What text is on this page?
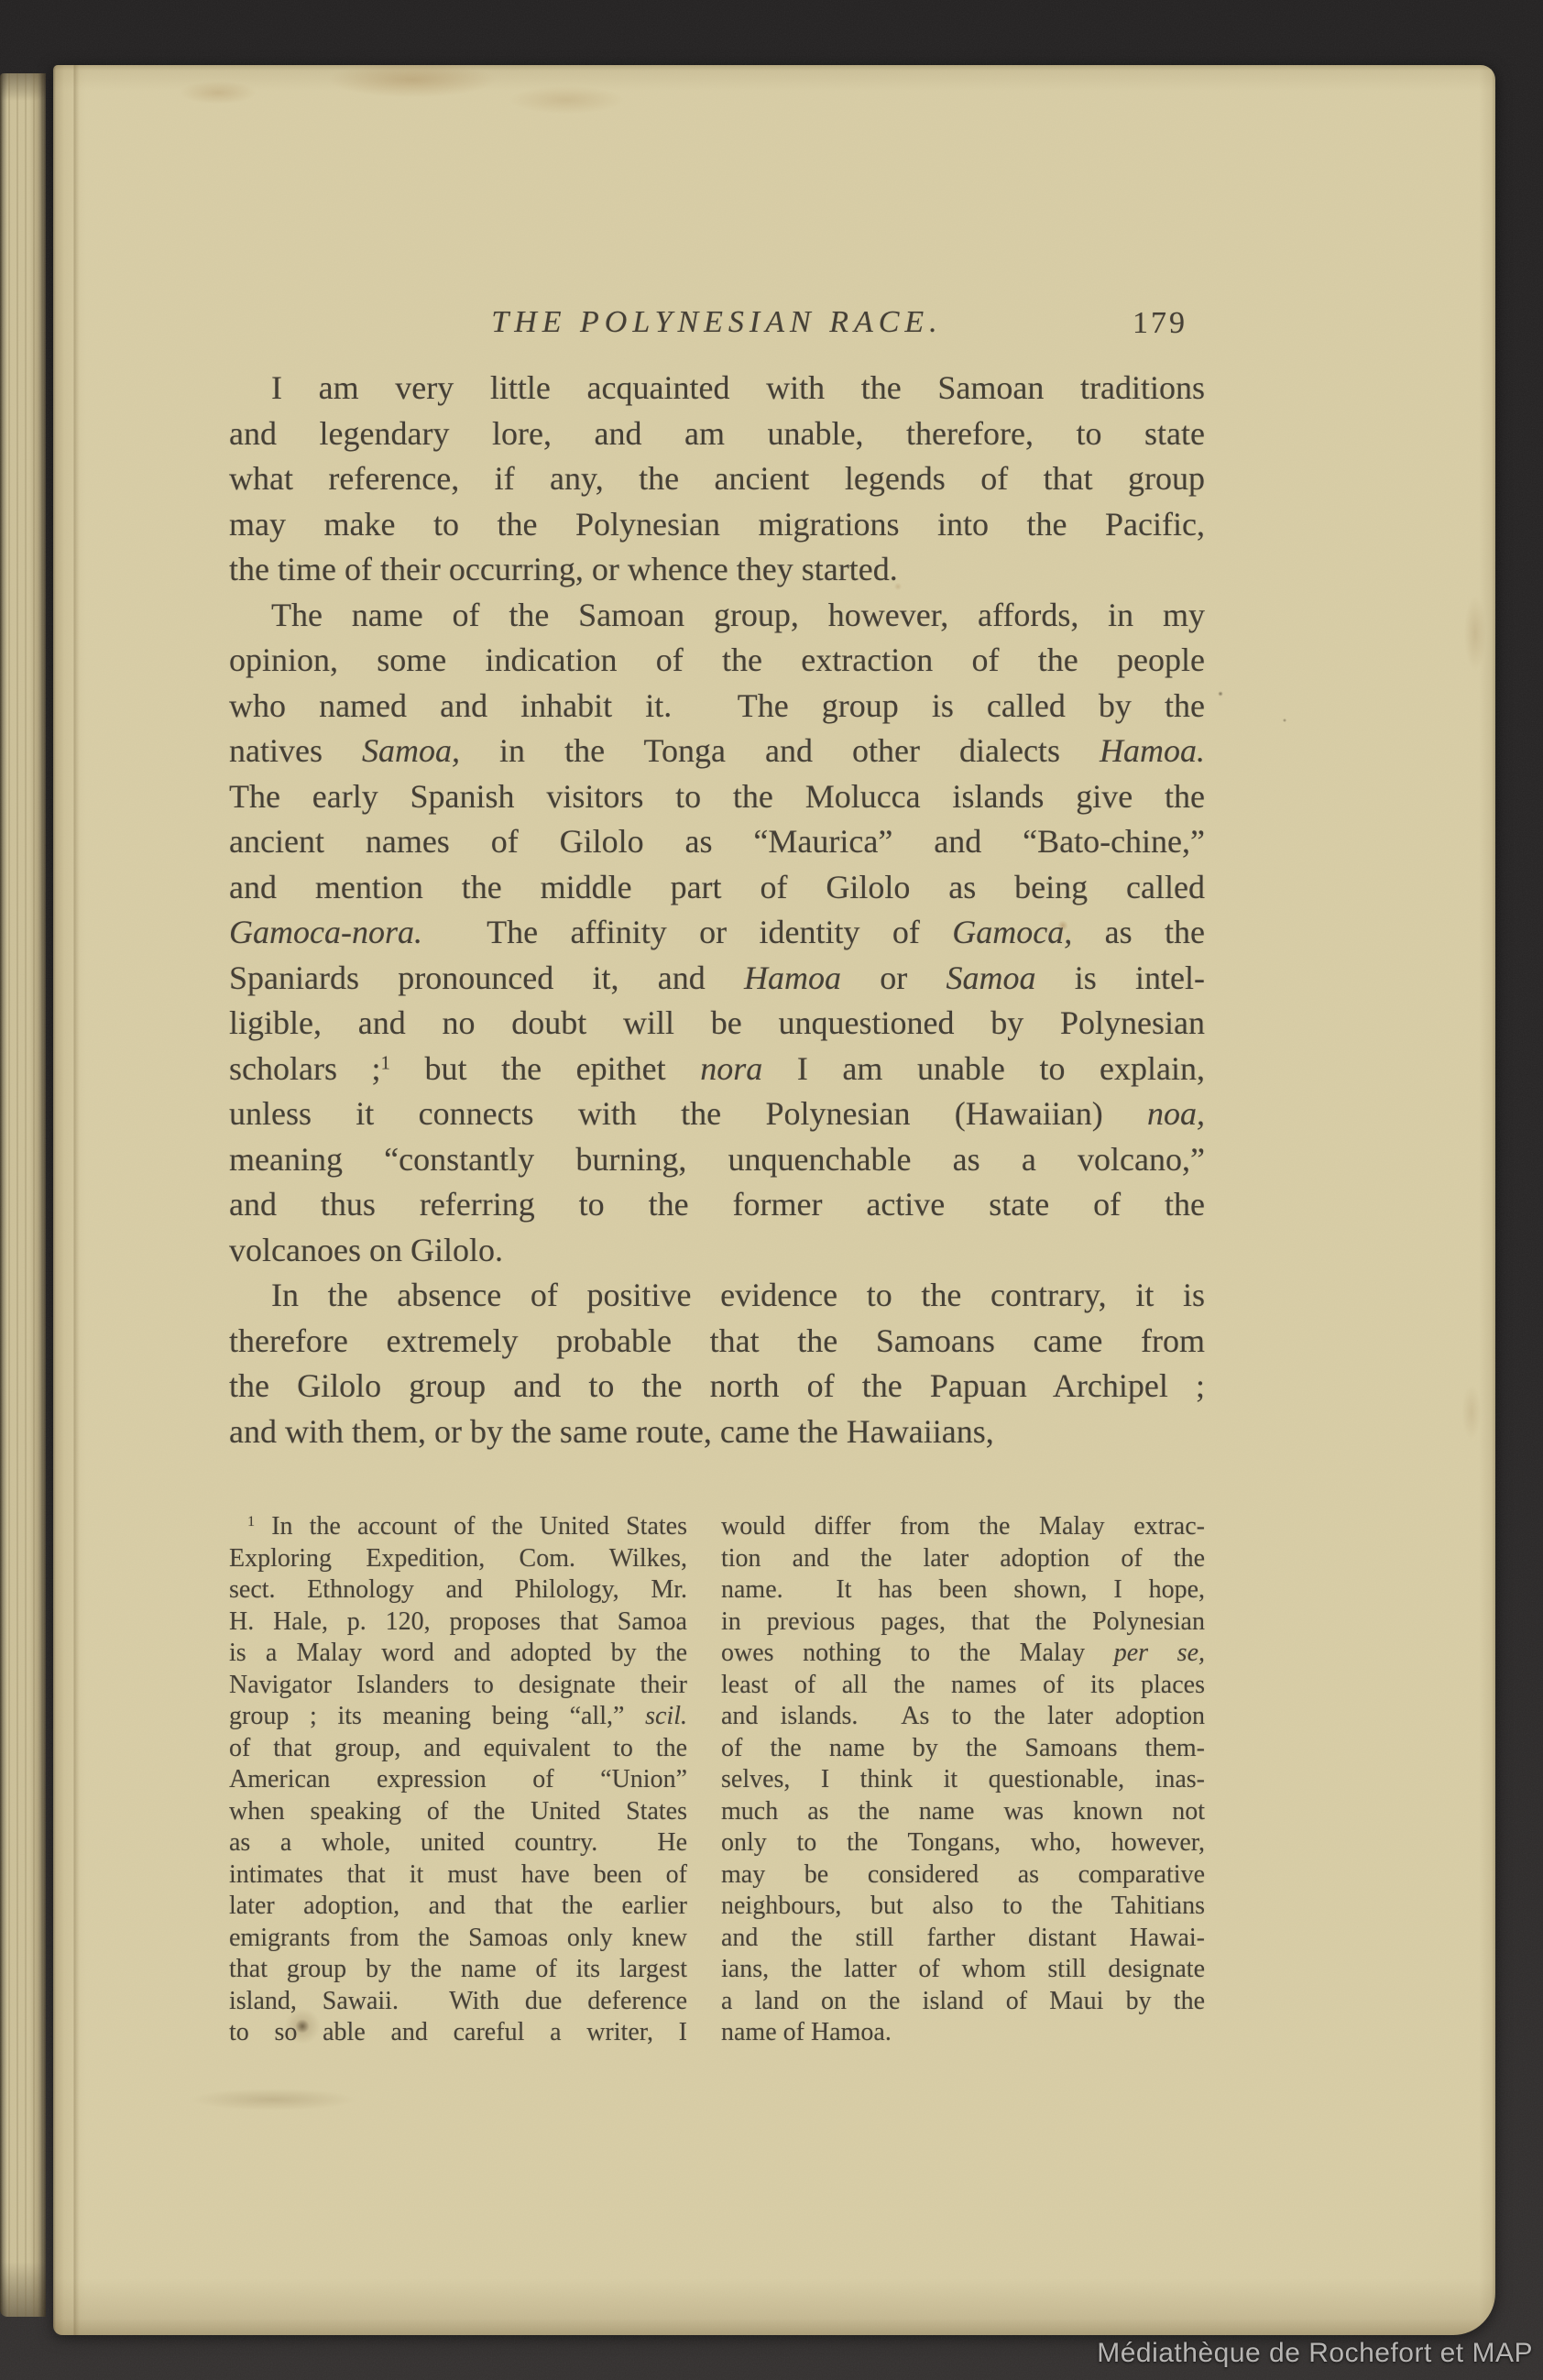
THE POLYNESIAN RACE.	179
I am very little acquainted with the Samoan traditions
and legendary lore, and am unable, therefore, to state
what reference, if any, the ancient legends of that group
may make to the Polynesian migrations into the Pacific,
the time of their occurring, or whence they started.
The name of the Samoan group, however, affords, in my
opinion, some indication of the extraction of the people
who named and inhabit it.  The group is called by the
natives Samoa, in the Tonga and other dialects Hamoa.
The early Spanish visitors to the Molucca islands give the
ancient names of Gilolo as “Maurica” and “Bato-chine,”
and mention the middle part of Gilolo as being called
Gamoca-nora.  The affinity or identity of Gamoca, as the
Spaniards pronounced it, and Hamoa or Samoa is intel-
ligible, and no doubt will be unquestioned by Polynesian
scholars ;$^1$ but the epithet nora I am unable to explain,
unless it connects with the Polynesian (Hawaiian) noa,
meaning “constantly burning, unquenchable as a volcano,”
and thus referring to the former active state of the
volcanoes on Gilolo.
In the absence of positive evidence to the contrary, it is
therefore extremely probable that the Samoans came from
the Gilolo group and to the north of the Papuan Archipel ;
and with them, or by the same route, came the Hawaiians,
$^1$ In the account of the United States
Exploring Expedition, Com. Wilkes,
sect. Ethnology and Philology, Mr.
H. Hale, p. 120, proposes that Samoa
is a Malay word and adopted by the
Navigator Islanders to designate their
group ; its meaning being “all,” scil.
of that group, and equivalent to the
American expression of “Union”
when speaking of the United States
as a whole, united country.  He
intimates that it must have been of
later adoption, and that the earlier
emigrants from the Samoas only knew
that group by the name of its largest
island, Sawaii.  With due deference
to so able and careful a writer, I
would differ from the Malay extrac-
tion and the later adoption of the
name.  It has been shown, I hope,
in previous pages, that the Polynesian
owes nothing to the Malay per se,
least of all the names of its places
and islands.  As to the later adoption
of the name by the Samoans them-
selves, I think it questionable, inas-
much as the name was known not
only to the Tongans, who, however,
may be considered as comparative
neighbours, but also to the Tahitians
and the still farther distant Hawai-
ians, the latter of whom still designate
a land on the island of Maui by the
name of Hamoa.
Médiathèque de Rochefort et MAP
